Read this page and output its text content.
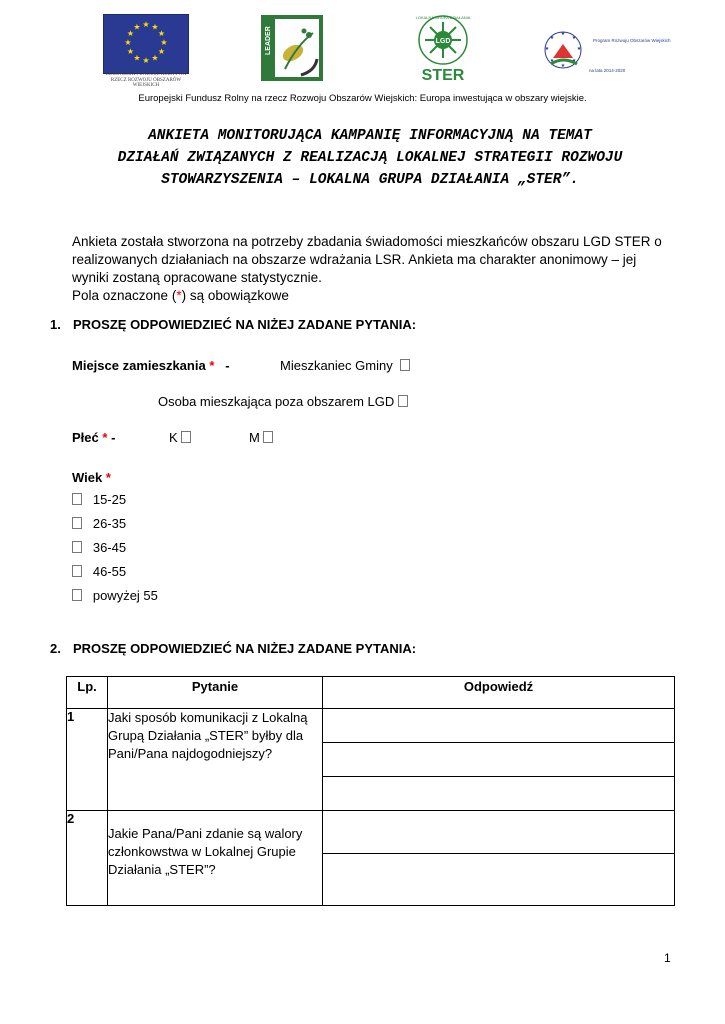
★ ★
★
★
★
★
★
★
★
★
★
★
EUROPEJSKI FUNDUSZ ROLNY NA RZECZ ROZWOJU OBSZARÓW WIEJSKICH
LEADER
LOKALNA GRUPA DZIAŁANIA
LGD
STER
★
★
★
★
★
★
★
★	Program Rozwoju Obszarów Wiejskich
na lata 2014-2020
Europejski Fundusz Rolny na rzecz Rozwoju Obszarów Wiejskich: Europa inwestująca w obszary wiejskie.
ANKIETA MONITORUJĄCA KAMPANIĘ INFORMACYJNĄ NA TEMAT
DZIAŁAŃ ZWIĄZANYCH Z REALIZACJĄ LOKALNEJ STRATEGII ROZWOJU
STOWARZYSZENIA – LOKALNA GRUPA DZIAŁANIA „STER”.
Ankieta została stworzona na potrzeby zbadania świadomości mieszkańców obszaru LGD STER o realizowanych działaniach na obszarze wdrażania LSR. Ankieta ma charakter anonimowy – jej wyniki zostaną opracowane statystycznie.
Pola oznaczone (*) są obowiązkowe
1. PROSZĘ ODPOWIEDZIEĆ NA NIŻEJ ZADANE PYTANIA:
Miejsce zamieszkania * -	Mieszkaniec Gminy
Osoba mieszkająca poza obszarem LGD
Płeć * -	K	M
Wiek *
15-25
26-35
36-45
46-55
powyżej 55
2. PROSZĘ ODPOWIEDZIEĆ NA NIŻEJ ZADANE PYTANIA:
Lp.	Pytanie	Odpowiedź
1	Jaki sposób komunikacji z Lokalną Grupą Działania „STER” byłby dla Pani/Pana najdogodniejszy?	

2	Jakie Pana/Pani zdanie są walory członkowstwa w Lokalnej Grupie Działania „STER”?	
1
